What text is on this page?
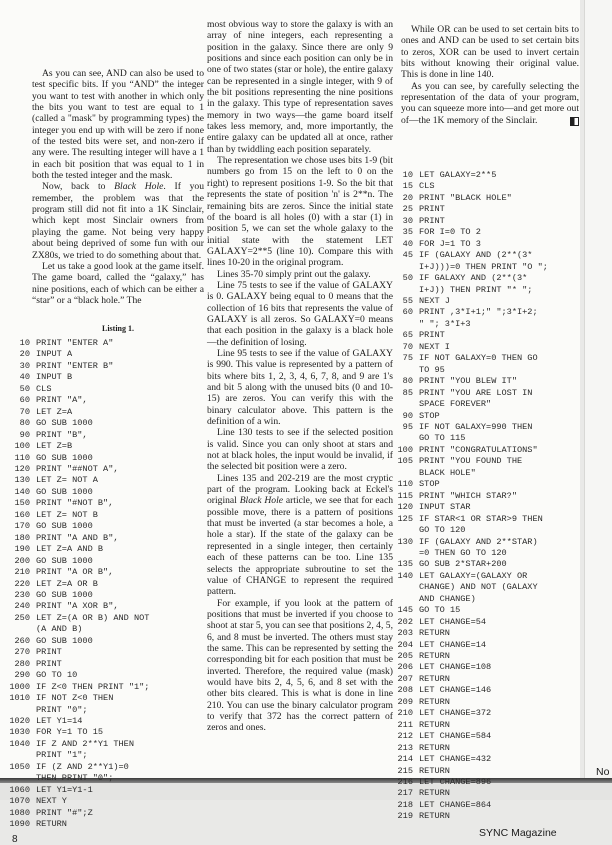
As you can see, AND can also be used to test specific bits. If you “AND” the integer you want to test with another in which only the bits you want to test are equal to 1 (called a "mask" by programming types) the integer you end up with will be zero if none of the tested bits were set, and non-zero if any were. The resulting integer will have a 1 in each bit position that was equal to 1 in both the tested integer and the mask.

Now, back to Black Hole. If you remember, the problem was that the program still did not fit into a 1K Sinclair, which kept most Sinclair owners from playing the game. Not being very happy about being deprived of some fun with our ZX80s, we tried to do something about that.

Let us take a good look at the game itself. The game board, called the “galaxy,” has nine positions, each of which can be either a “star” or a “black hole.” The

Listing 1.
10 PRINT "ENTER A"
20 INPUT A
30 PRINT "ENTER B"
40 INPUT B
50 CLS
60 PRINT "A",
70 LET Z=A
80 GO SUB 1000
90 PRINT "B",
100 LET Z=B
110 GO SUB 1000
120 PRINT "##NOT A",
130 LET Z= NOT A
140 GO SUB 1000
150 PRINT "#NOT B",
160 LET Z= NOT B
170 GO SUB 1000
180 PRINT "A AND B",
190 LET Z=A AND B
200 GO SUB 1000
210 PRINT "A OR B",
220 LET Z=A OR B
230 GO SUB 1000
240 PRINT "A XOR B",
250 LET Z=(A OR B) AND NOT
(A AND B)
260 GO SUB 1000
270 PRINT
280 PRINT
290 GO TO 10
1000 IF Z<0 THEN PRINT "1";
1010 IF NOT Z<0 THEN
PRINT "0";
1020 LET Y1=14
1030 FOR Y=1 TO 15
1040 IF Z AND 2**Y1 THEN
PRINT "1";
1050 IF (Z AND 2**Y1)=0
THEN PRINT "0";
1060 LET Y1=Y1-1
1070 NEXT Y
1080 PRINT "#";Z
1090 RETURN

most obvious way to store the galaxy is with an array of nine integers, each representing a position in the galaxy. Since there are only 9 positions and since each position can only be in one of two states (star or hole), the entire galaxy can be represented in a single integer, with 9 of the bit positions representing the nine positions in the galaxy. This type of representation saves memory in two ways—the game board itself takes less memory, and, more importantly, the entire galaxy can be updated all at once, rather than by twiddling each position separately.

The representation we chose uses bits 1-9 (bit numbers go from 15 on the left to 0 on the right) to represent positions 1-9. So the bit that represents the state of position 'n' is 2**n. The remaining bits are zeros. Since the initial state of the board is all holes (0) with a star (1) in position 5, we can set the whole galaxy to the initial state with the statement LET GALAXY=2**5 (line 10). Compare this with lines 10-20 in the original program.

Lines 35-70 simply print out the galaxy.

Line 75 tests to see if the value of GALAXY is 0. GALAXY being equal to 0 means that the collection of 16 bits that represents the value of GALAXY is all zeros. So GALAXY=0 means that each position in the galaxy is a black hole—the definition of losing.

Line 95 tests to see if the value of GALAXY is 990. This value is represented by a pattern of bits where bits 1, 2, 3, 4, 6, 7, 8, and 9 are 1's and bit 5 along with the unused bits (0 and 10-15) are zeros. You can verify this with the binary calculator above. This pattern is the definition of a win.

Line 130 tests to see if the selected position is valid. Since you can only shoot at stars and not at black holes, the input would be invalid, if the selected bit position were a zero.

Lines 135 and 202-219 are the most cryptic part of the program. Looking back at Eckel's original Black Hole article, we see that for each possible move, there is a pattern of positions that must be inverted (a star becomes a hole, a hole a star). If the state of the galaxy can be represented in a single integer, then certainly each of these patterns can be too. Line 135 selects the appropriate subroutine to set the value of CHANGE to represent the required pattern.

For example, if you look at the pattern of positions that must be inverted if you choose to shoot at star 5, you can see that positions 2, 4, 5, 6, and 8 must be inverted. The others must stay the same. This can be represented by setting the corresponding bit for each position that must be inverted. Therefore, the required value (mask) would have bits 2, 4, 5, 6, and 8 set with the other bits cleared. This is what is done in line 210. You can use the binary calculator program to verify that 372 has the correct pattern of zeros and ones.

While OR can be used to set certain bits to ones and AND can be used to set certain bits to zeros, XOR can be used to invert certain bits without knowing their original value. This is done in line 140.

As you can see, by carefully selecting the representation of the data of your program, you can squeeze more into—and get more out of—the 1K memory of the Sinclair.

10 LET GALAXY=2**5
15 CLS
20 PRINT "BLACK HOLE"
25 PRINT
30 PRINT
35 FOR I=0 TO 2
40 FOR J=1 TO 3
45 IF (GALAXY AND (2**(3*
I+J)))=0 THEN PRINT "O ";
50 IF GALAXY AND (2**(3*
I+J)) THEN PRINT "* ";
55 NEXT J
60 PRINT ,3*I+1;" ";3*I+2;
" "; 3*I+3
65 PRINT
70 NEXT I
75 IF NOT GALAXY=0 THEN GO
TO 95
80 PRINT "YOU BLEW IT"
85 PRINT "YOU ARE LOST IN
SPACE FOREVER"
90 STOP
95 IF NOT GALAXY=990 THEN
GO TO 115
100 PRINT "CONGRATULATIONS"
105 PRINT "YOU FOUND THE
BLACK HOLE"
110 STOP
115 PRINT "WHICH STAR?"
120 INPUT STAR
125 IF STAR<1 OR STAR>9 THEN
GO TO 120
130 IF (GALAXY AND 2**STAR)
=0 THEN GO TO 120
135 GO SUB 2*STAR+200
140 LET GALAXY=(GALAXY OR
CHANGE) AND NOT (GALAXY
AND CHANGE)
145 GO TO 15
202 LET CHANGE=54
203 RETURN
204 LET CHANGE=14
205 RETURN
206 LET CHANGE=108
207 RETURN
208 LET CHANGE=146
209 RETURN
210 LET CHANGE=372
211 RETURN
212 LET CHANGE=584
213 RETURN
214 LET CHANGE=432
215 RETURN
216 LET CHANGE=896
217 RETURN
218 LET CHANGE=864
219 RETURN
8
SYNC Magazine
No
